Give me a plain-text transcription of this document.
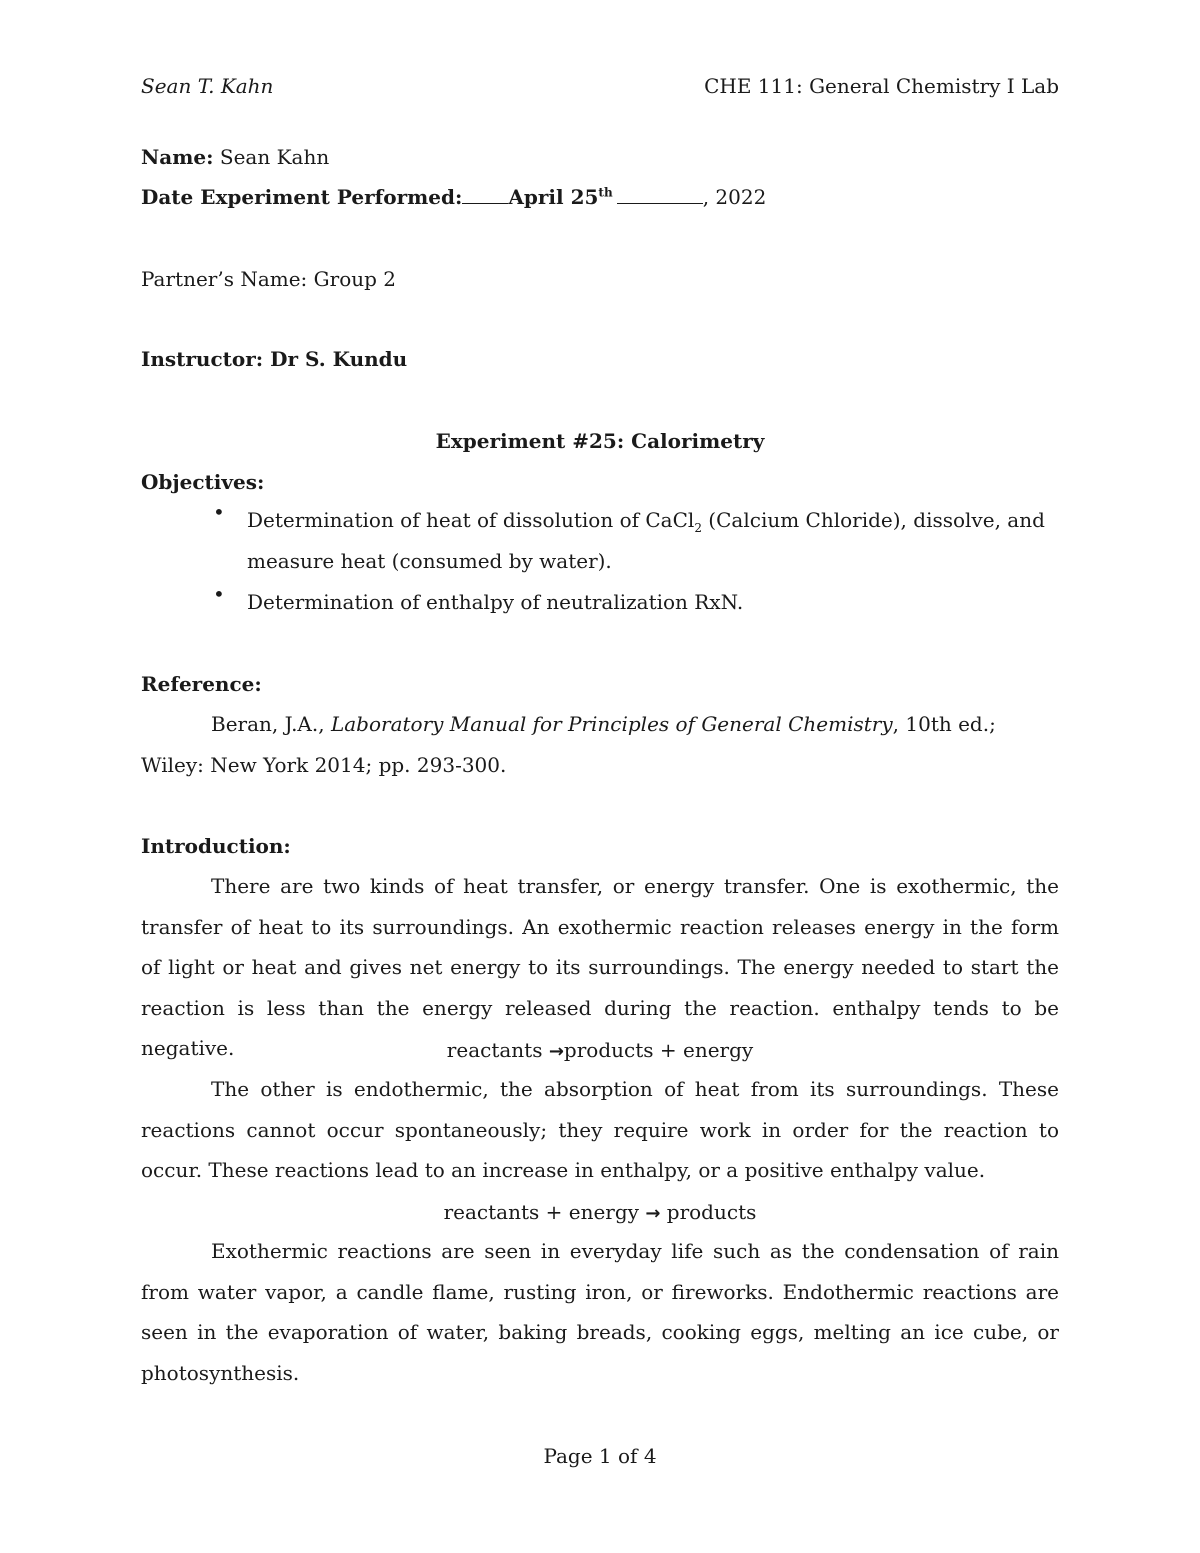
Sean T. Kahn	CHE 111: General Chemistry I Lab
Name: Sean Kahn
Date Experiment Performed: April 25th	, 2022
Partner’s Name: Group 2
Instructor: Dr S. Kundu
Experiment #25: Calorimetry
Objectives:
• Determination of heat of dissolution of CaCl$_2$ (Calcium Chloride), dissolve, and measure heat (consumed by water).
• Determination of enthalpy of neutralization RxN.
Reference:
Beran, J.A., Laboratory Manual for Principles of General Chemistry, 10th ed.; Wiley: New York 2014; pp. 293-300.
Introduction:
There are two kinds of heat transfer, or energy transfer. One is exothermic, the transfer of heat to its surroundings. An exothermic reaction releases energy in the form of light or heat and gives net energy to its surroundings. The energy needed to start the reaction is less than the energy released during the reaction. enthalpy tends to be negative.	reactants →products + energy
The other is endothermic, the absorption of heat from its surroundings. These reactions cannot occur spontaneously; they require work in order for the reaction to occur. These reactions lead to an increase in enthalpy, or a positive enthalpy value.
reactants + energy → products
Exothermic reactions are seen in everyday life such as the condensation of rain from water vapor, a candle flame, rusting iron, or fireworks. Endothermic reactions are seen in the evaporation of water, baking breads, cooking eggs, melting an ice cube, or photosynthesis.
Page 1 of 4
